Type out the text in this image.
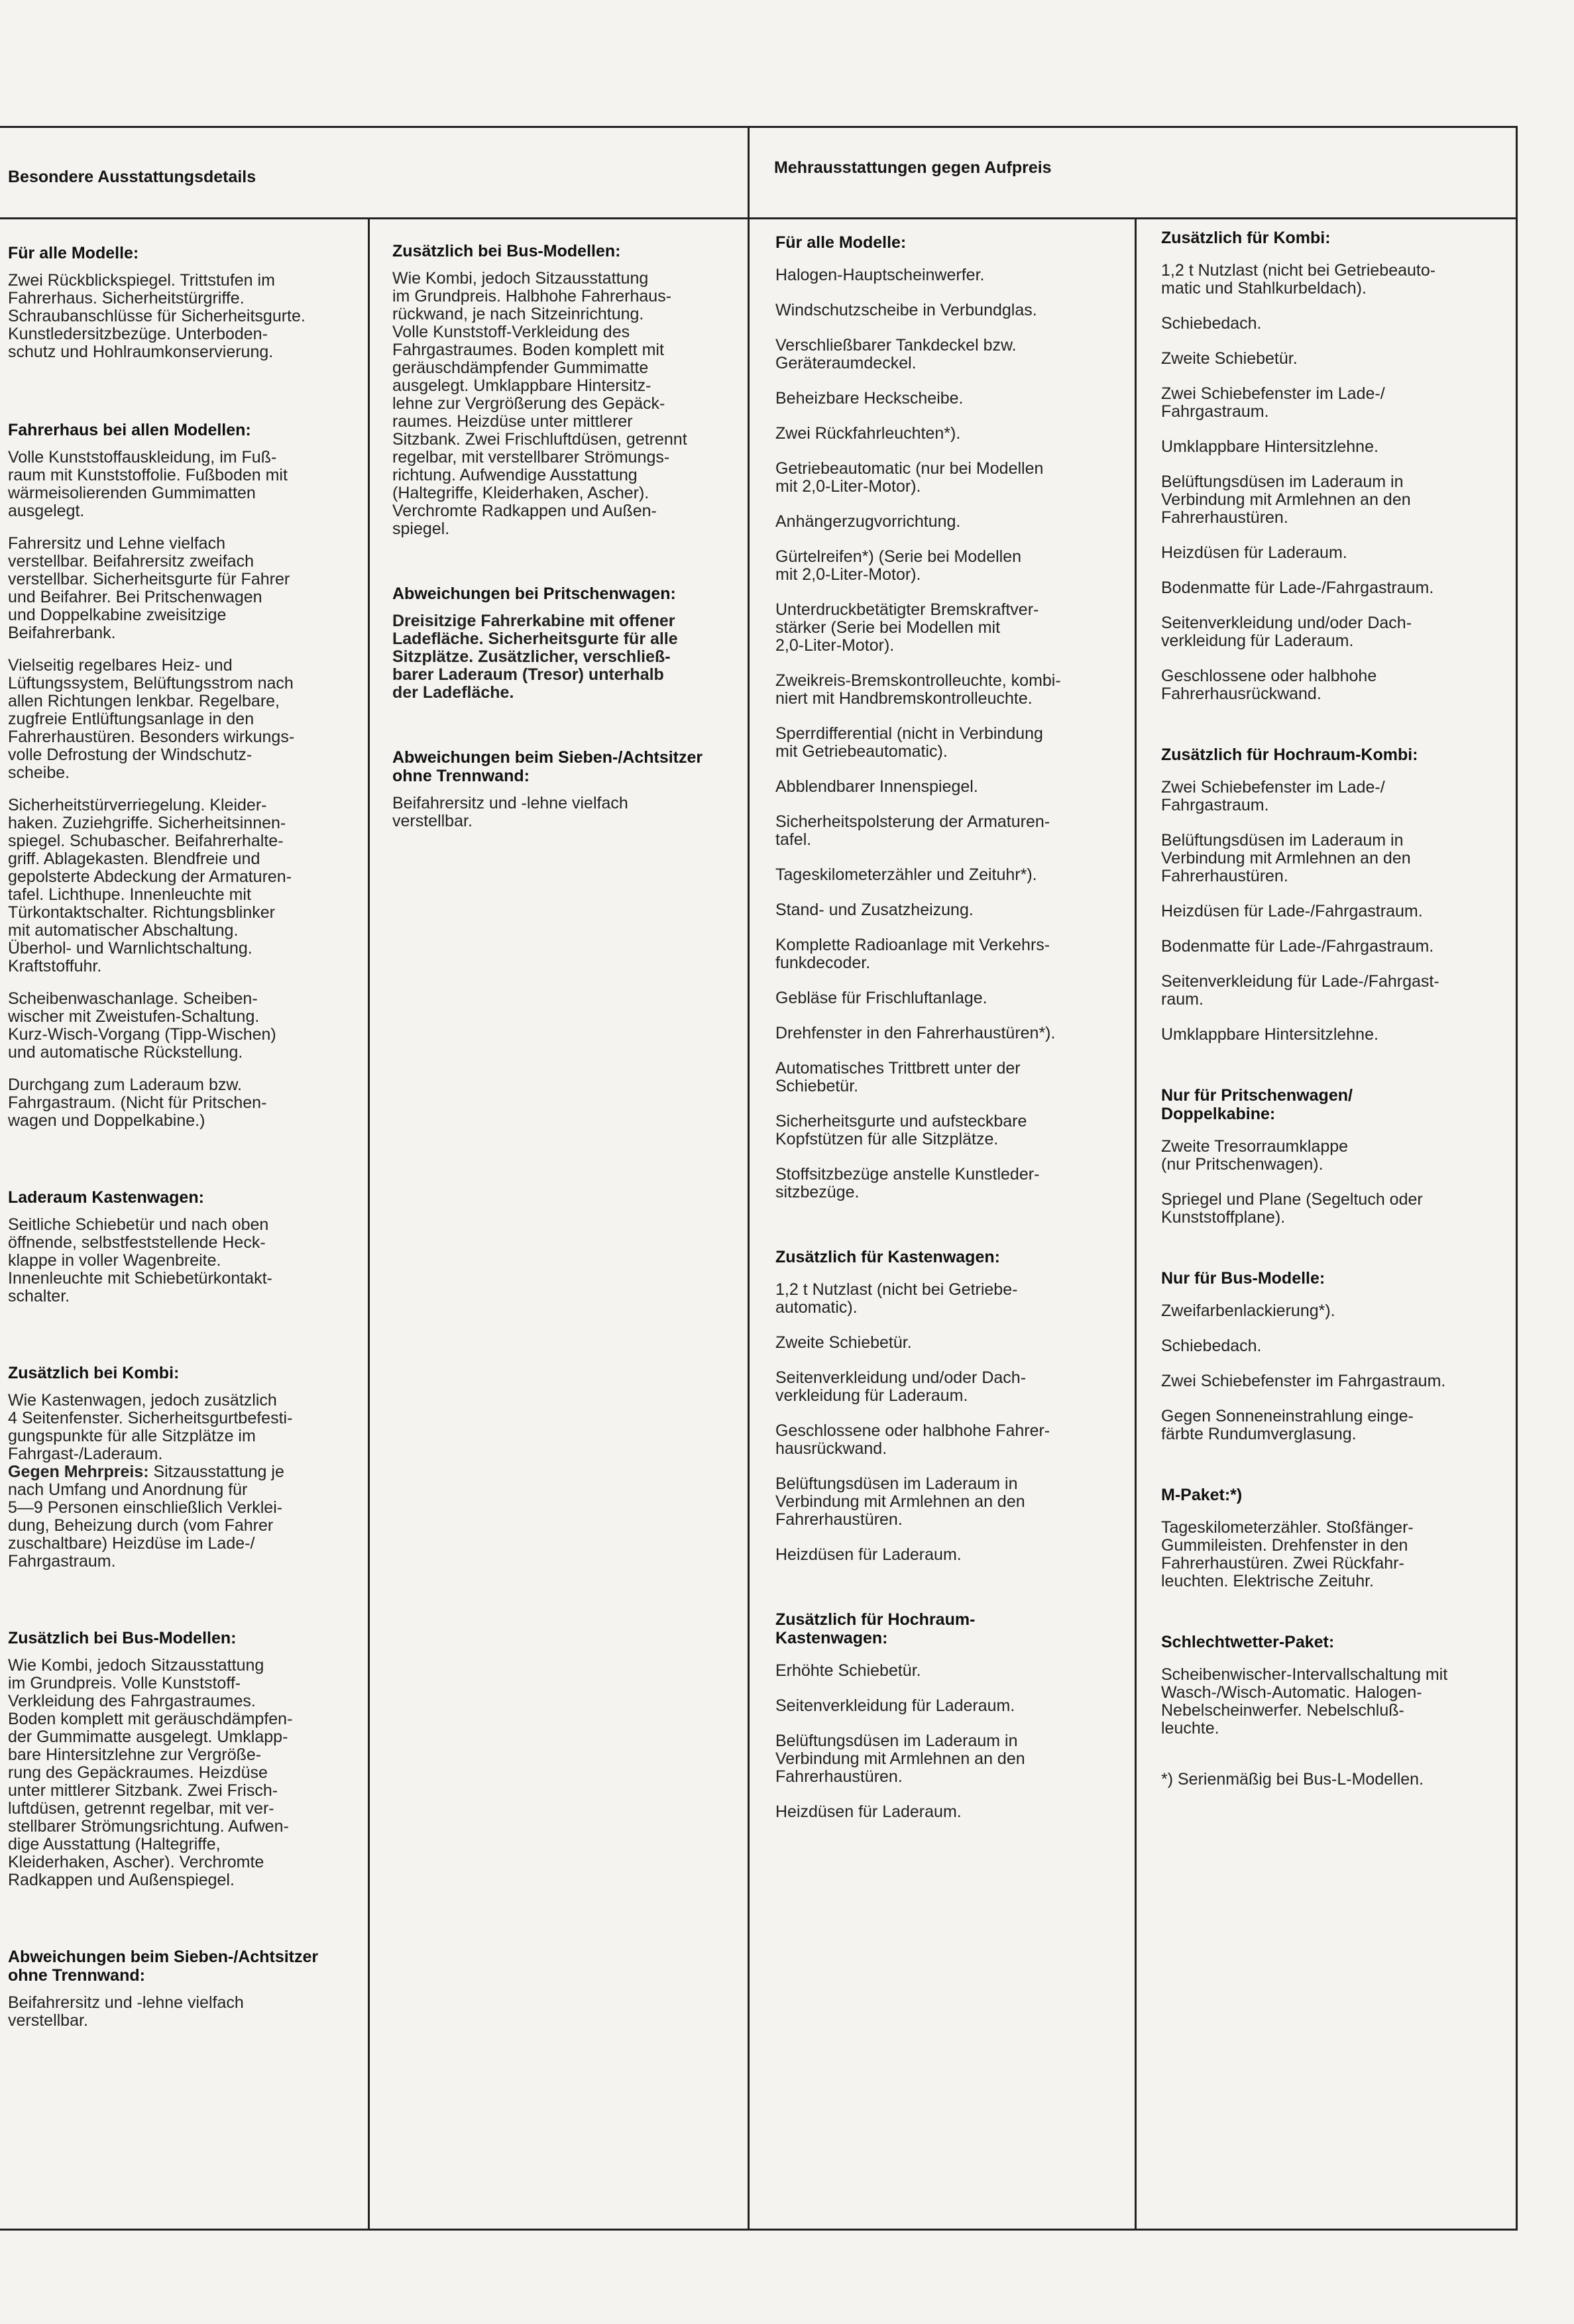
Besondere Ausstattungsdetails	Mehrausstattungen gegen Aufpreis
Für alle Modelle:
Zwei Rückblickspiegel. Trittstufen im
Fahrerhaus. Sicherheitstürgriffe.
Schraubanschlüsse für Sicherheitsgurte.
Kunstledersitzbezüge. Unterboden-
schutz und Hohlraumkonservierung.
Fahrerhaus bei allen Modellen:
Volle Kunststoffauskleidung, im Fuß-
raum mit Kunststoffolie. Fußboden mit
wärmeisolierenden Gummimatten
ausgelegt.
Fahrersitz und Lehne vielfach
verstellbar. Beifahrersitz zweifach
verstellbar. Sicherheitsgurte für Fahrer
und Beifahrer. Bei Pritschenwagen
und Doppelkabine zweisitzige
Beifahrerbank.
Vielseitig regelbares Heiz- und
Lüftungssystem, Belüftungsstrom nach
allen Richtungen lenkbar. Regelbare,
zugfreie Entlüftungsanlage in den
Fahrerhaustüren. Besonders wirkungs-
volle Defrostung der Windschutz-
scheibe.
Sicherheitstürverriegelung. Kleider-
haken. Zuziehgriffe. Sicherheitsinnen-
spiegel. Schubascher. Beifahrerhalte-
griff. Ablagekasten. Blendfreie und
gepolsterte Abdeckung der Armaturen-
tafel. Lichthupe. Innenleuchte mit
Türkontaktschalter. Richtungsblinker
mit automatischer Abschaltung.
Überhol- und Warnlichtschaltung.
Kraftstoffuhr.
Scheibenwaschanlage. Scheiben-
wischer mit Zweistufen-Schaltung.
Kurz-Wisch-Vorgang (Tipp-Wischen)
und automatische Rückstellung.
Durchgang zum Laderaum bzw.
Fahrgastraum. (Nicht für Pritschen-
wagen und Doppelkabine.)
Laderaum Kastenwagen:
Seitliche Schiebetür und nach oben
öffnende, selbstfeststellende Heck-
klappe in voller Wagenbreite.
Innenleuchte mit Schiebetürkontakt-
schalter.
Zusätzlich bei Kombi:
Wie Kastenwagen, jedoch zusätzlich
4 Seitenfenster. Sicherheitsgurtbefesti-
gungspunkte für alle Sitzplätze im
Fahrgast-/Laderaum.
Gegen Mehrpreis: Sitzausstattung je
nach Umfang und Anordnung für
5—9 Personen einschließlich Verklei-
dung, Beheizung durch (vom Fahrer
zuschaltbare) Heizdüse im Lade-/
Fahrgastraum.
Zusätzlich bei Bus-Modellen:
Wie Kombi, jedoch Sitzausstattung
im Grundpreis. Volle Kunststoff-
Verkleidung des Fahrgastraumes.
Boden komplett mit geräuschdämpfen-
der Gummimatte ausgelegt. Umklapp-
bare Hintersitzlehne zur Vergröße-
rung des Gepäckraumes. Heizdüse
unter mittlerer Sitzbank. Zwei Frisch-
luftdüsen, getrennt regelbar, mit ver-
stellbarer Strömungsrichtung. Aufwen-
dige Ausstattung (Haltegriffe,
Kleiderhaken, Ascher). Verchromte
Radkappen und Außenspiegel.
Abweichungen beim Sieben-/Achtsitzer
ohne Trennwand:
Beifahrersitz und -lehne vielfach
verstellbar.
Zusätzlich bei Bus-Modellen:
Wie Kombi, jedoch Sitzausstattung
im Grundpreis. Halbhohe Fahrerhaus-
rückwand, je nach Sitzeinrichtung.
Volle Kunststoff-Verkleidung des
Fahrgastraumes. Boden komplett mit
geräuschdämpfender Gummimatte
ausgelegt. Umklappbare Hintersitz-
lehne zur Vergrößerung des Gepäck-
raumes. Heizdüse unter mittlerer
Sitzbank. Zwei Frischluftdüsen, getrennt
regelbar, mit verstellbarer Strömungs-
richtung. Aufwendige Ausstattung
(Haltegriffe, Kleiderhaken, Ascher).
Verchromte Radkappen und Außen-
spiegel.
Abweichungen bei Pritschenwagen:
Dreisitzige Fahrerkabine mit offener
Ladefläche. Sicherheitsgurte für alle
Sitzplätze. Zusätzlicher, verschließ-
barer Laderaum (Tresor) unterhalb
der Ladefläche.
Abweichungen beim Sieben-/Achtsitzer
ohne Trennwand:
Beifahrersitz und -lehne vielfach
verstellbar.
Für alle Modelle:
Halogen-Hauptscheinwerfer.
Windschutzscheibe in Verbundglas.
Verschließbarer Tankdeckel bzw.
Geräteraumdeckel.
Beheizbare Heckscheibe.
Zwei Rückfahrleuchten*).
Getriebeautomatic (nur bei Modellen
mit 2,0-Liter-Motor).
Anhängerzugvorrichtung.
Gürtelreifen*) (Serie bei Modellen
mit 2,0-Liter-Motor).
Unterdruckbetätigter Bremskraftver-
stärker (Serie bei Modellen mit
2,0-Liter-Motor).
Zweikreis-Bremskontrolleuchte, kombi-
niert mit Handbremskontrolleuchte.
Sperrdifferential (nicht in Verbindung
mit Getriebeautomatic).
Abblendbarer Innenspiegel.
Sicherheitspolsterung der Armaturen-
tafel.
Tageskilometerzähler und Zeituhr*).
Stand- und Zusatzheizung.
Komplette Radioanlage mit Verkehrs-
funkdecoder.
Gebläse für Frischluftanlage.
Drehfenster in den Fahrerhaustüren*).
Automatisches Trittbrett unter der
Schiebetür.
Sicherheitsgurte und aufsteckbare
Kopfstützen für alle Sitzplätze.
Stoffsitzbezüge anstelle Kunstleder-
sitzbezüge.
Zusätzlich für Kastenwagen:
1,2 t Nutzlast (nicht bei Getriebe-
automatic).
Zweite Schiebetür.
Seitenverkleidung und/oder Dach-
verkleidung für Laderaum.
Geschlossene oder halbhohe Fahrer-
hausrückwand.
Belüftungsdüsen im Laderaum in
Verbindung mit Armlehnen an den
Fahrerhaustüren.
Heizdüsen für Laderaum.
Zusätzlich für Hochraum-
Kastenwagen:
Erhöhte Schiebetür.
Seitenverkleidung für Laderaum.
Belüftungsdüsen im Laderaum in
Verbindung mit Armlehnen an den
Fahrerhaustüren.
Heizdüsen für Laderaum.
Zusätzlich für Kombi:
1,2 t Nutzlast (nicht bei Getriebeauto-
matic und Stahlkurbeldach).
Schiebedach.
Zweite Schiebetür.
Zwei Schiebefenster im Lade-/
Fahrgastraum.
Umklappbare Hintersitzlehne.
Belüftungsdüsen im Laderaum in
Verbindung mit Armlehnen an den
Fahrerhaustüren.
Heizdüsen für Laderaum.
Bodenmatte für Lade-/Fahrgastraum.
Seitenverkleidung und/oder Dach-
verkleidung für Laderaum.
Geschlossene oder halbhohe
Fahrerhausrückwand.
Zusätzlich für Hochraum-Kombi:
Zwei Schiebefenster im Lade-/
Fahrgastraum.
Belüftungsdüsen im Laderaum in
Verbindung mit Armlehnen an den
Fahrerhaustüren.
Heizdüsen für Lade-/Fahrgastraum.
Bodenmatte für Lade-/Fahrgastraum.
Seitenverkleidung für Lade-/Fahrgast-
raum.
Umklappbare Hintersitzlehne.
Nur für Pritschenwagen/
Doppelkabine:
Zweite Tresorraumklappe
(nur Pritschenwagen).
Spriegel und Plane (Segeltuch oder
Kunststoffplane).
Nur für Bus-Modelle:
Zweifarbenlackierung*).
Schiebedach.
Zwei Schiebefenster im Fahrgastraum.
Gegen Sonneneinstrahlung einge-
färbte Rundumverglasung.
M-Paket:*)
Tageskilometerzähler. Stoßfänger-
Gummileisten. Drehfenster in den
Fahrerhaustüren. Zwei Rückfahr-
leuchten. Elektrische Zeituhr.
Schlechtwetter-Paket:
Scheibenwischer-Intervallschaltung mit
Wasch-/Wisch-Automatic. Halogen-
Nebelscheinwerfer. Nebelschluß-
leuchte.
*) Serienmäßig bei Bus-L-Modellen.
